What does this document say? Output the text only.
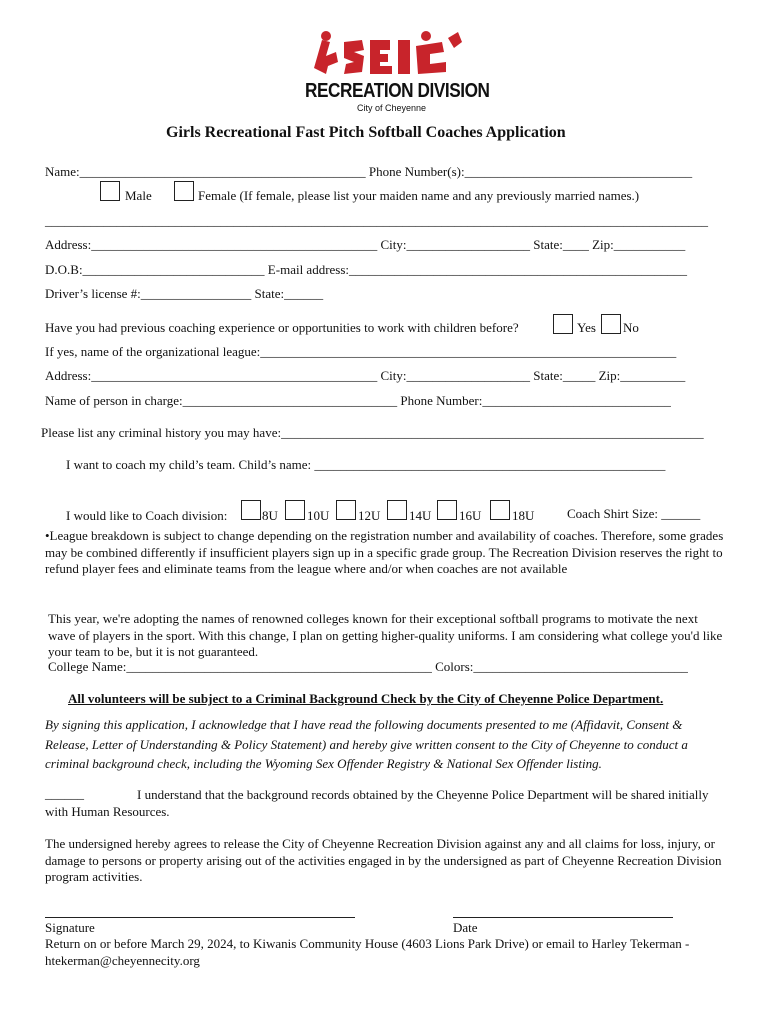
RECREATION DIVISION
City of Cheyenne
Girls Recreational Fast Pitch Softball Coaches Application
Name:____________________________________________ Phone Number(s):___________________________________
Male	Female (If female, please list your maiden name and any previously married names.)
______________________________________________________________________________________________________
Address:____________________________________________ City:___________________ State:____ Zip:___________
D.O.B:____________________________ E-mail address:____________________________________________________
Driver’s license #:_________________ State:______
Have you had previous coaching experience or opportunities to work with children before?	Yes No
If yes, name of the organizational league:________________________________________________________________
Address:____________________________________________ City:___________________ State:_____ Zip:__________
Name of person in charge:_________________________________ Phone Number:_____________________________
Please list any criminal history you may have:_________________________________________________________________
I want to coach my child’s team. Child’s name: ______________________________________________________
I would like to Coach division:	8U 10U 12U 14U 16U 18U	Coach Shirt Size: ______
•League breakdown is subject to change depending on the registration number and availability of coaches. Therefore, some grades may be combined differently if insufficient players sign up in a specific grade group. The Recreation Division reserves the right to refund player fees and eliminate teams from the league where and/or when coaches are not available
This year, we're adopting the names of renowned colleges known for their exceptional softball programs to motivate the next wave of players in the sport. With this change, I plan on getting higher-quality uniforms. I am considering what college you'd like your team to be, but it is not guaranteed.
College Name:_______________________________________________ Colors:_________________________________
All volunteers will be subject to a Criminal Background Check by the City of Cheyenne Police Department.
By signing this application, I acknowledge that I have read the following documents presented to me (Affidavit, Consent & Release, Letter of Understanding & Policy Statement) and hereby give written consent to the City of Cheyenne to conduct a criminal background check, including the Wyoming Sex Offender Registry & National Sex Offender listing.
______	I understand that the background records obtained by the Cheyenne Police Department will be shared initially with Human Resources.
The undersigned hereby agrees to release the City of Cheyenne Recreation Division against any and all claims for loss, injury, or damage to persons or property arising out of the activities engaged in by the undersigned as part of Cheyenne Recreation Division program activities.
Signature	Date
Return on or before March 29, 2024, to Kiwanis Community House (4603 Lions Park Drive) or email to Harley Tekerman - htekerman@cheyennecity.org
